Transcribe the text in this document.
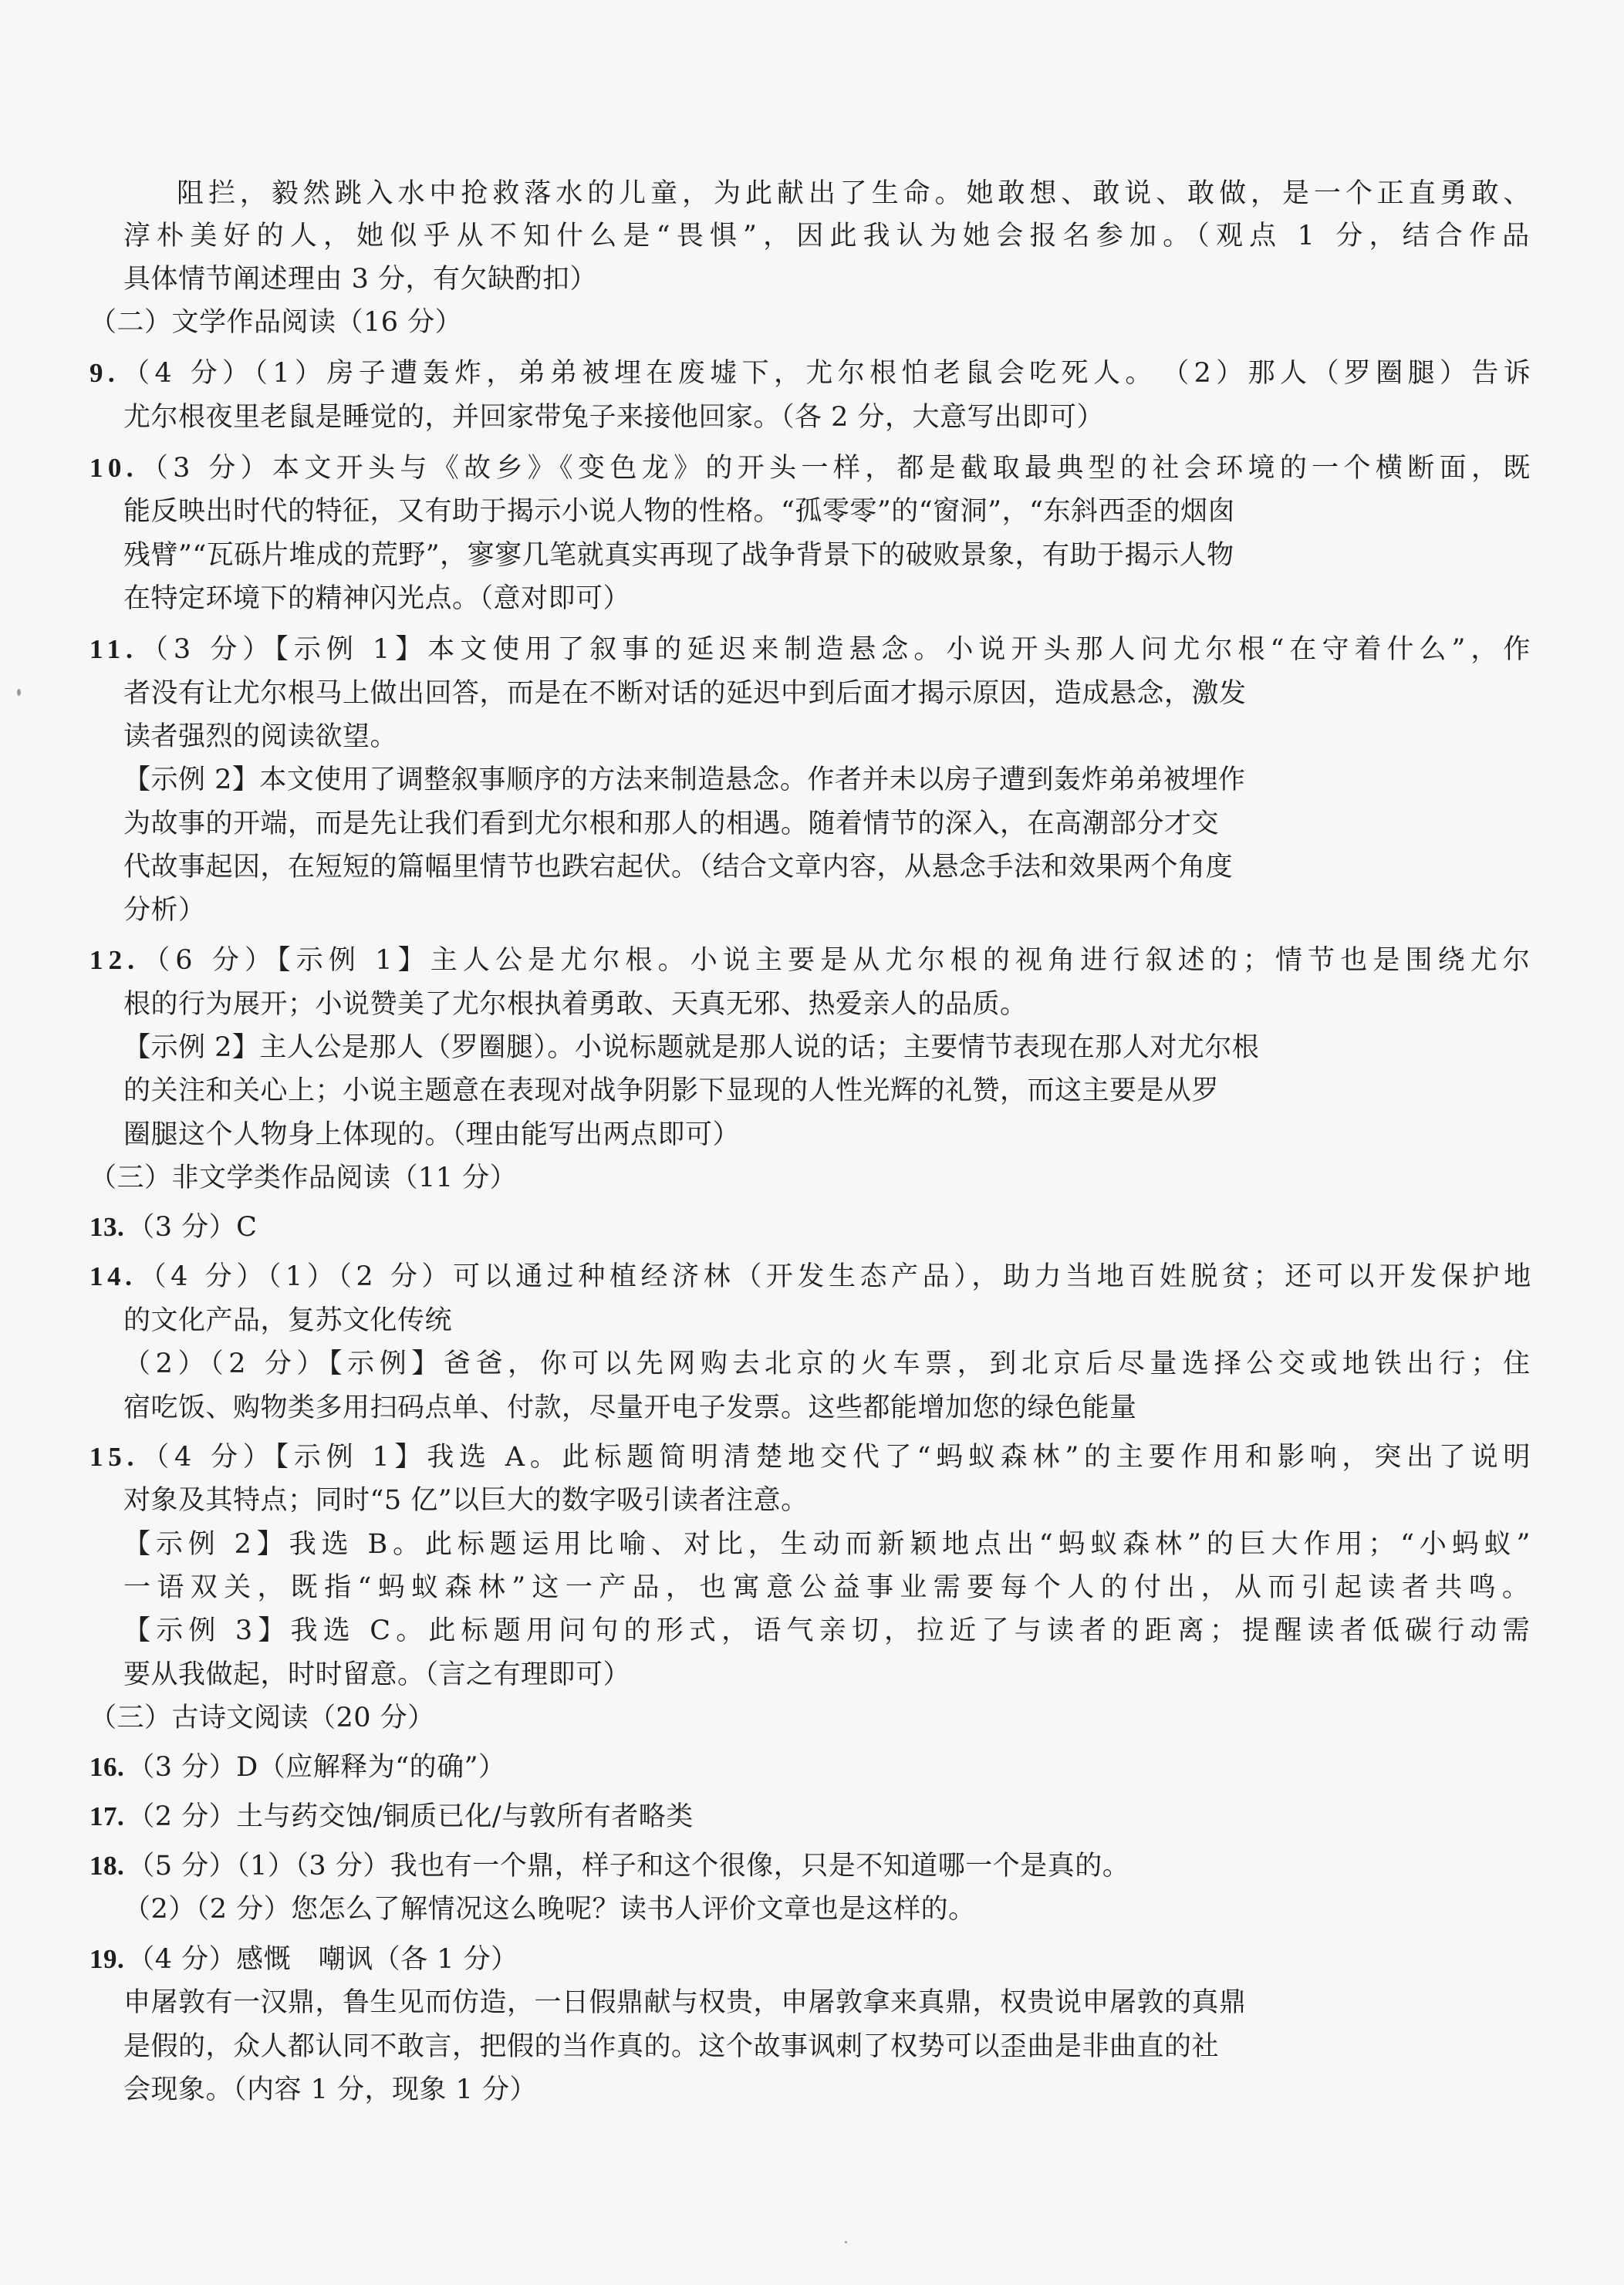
阻拦，毅然跳入水中抢救落水的儿童，为此献出了生命。她敢想、敢说、敢做，是一个正直勇敢、
淳朴美好的人，她似乎从不知什么是“畏惧”，因此我认为她会报名参加。（观点 1 分，结合作品
具体情节阐述理由 3 分，有欠缺酌扣）
（二）文学作品阅读（16 分）
9. （4 分）（1）房子遭轰炸，弟弟被埋在废墟下，尤尔根怕老鼠会吃死人。　（2）那人（罗圈腿）告诉
尤尔根夜里老鼠是睡觉的，并回家带兔子来接他回家。（各 2 分，大意写出即可）
10. （3 分）本文开头与《故乡》《变色龙》的开头一样，都是截取最典型的社会环境的一个横断面，既
能反映出时代的特征，又有助于揭示小说人物的性格。“孤零零”的“窗洞”，“东斜西歪的烟囱
残臂”“瓦砾片堆成的荒野”，寥寥几笔就真实再现了战争背景下的破败景象，有助于揭示人物
在特定环境下的精神闪光点。（意对即可）
11. （3 分）【示例 1】本文使用了叙事的延迟来制造悬念。小说开头那人问尤尔根“在守着什么”，作
者没有让尤尔根马上做出回答，而是在不断对话的延迟中到后面才揭示原因，造成悬念，激发
读者强烈的阅读欲望。
【示例 2】本文使用了调整叙事顺序的方法来制造悬念。作者并未以房子遭到轰炸弟弟被埋作
为故事的开端，而是先让我们看到尤尔根和那人的相遇。随着情节的深入，在高潮部分才交
代故事起因，在短短的篇幅里情节也跌宕起伏。（结合文章内容，从悬念手法和效果两个角度
分析）
12. （6 分）【示例 1】主人公是尤尔根。小说主要是从尤尔根的视角进行叙述的；情节也是围绕尤尔
根的行为展开；小说赞美了尤尔根执着勇敢、天真无邪、热爱亲人的品质。
【示例 2】主人公是那人（罗圈腿）。小说标题就是那人说的话；主要情节表现在那人对尤尔根
的关注和关心上；小说主题意在表现对战争阴影下显现的人性光辉的礼赞，而这主要是从罗
圈腿这个人物身上体现的。（理由能写出两点即可）
（三）非文学类作品阅读（11 分）
13. （3 分）C
14. （4 分）（1）（2 分）可以通过种植经济林（开发生态产品），助力当地百姓脱贫；还可以开发保护地
的文化产品，复苏文化传统
（2）（2 分）【示例】爸爸，你可以先网购去北京的火车票，到北京后尽量选择公交或地铁出行；住
宿吃饭、购物类多用扫码点单、付款，尽量开电子发票。这些都能增加您的绿色能量
15. （4 分）【示例 1】我选 A。此标题简明清楚地交代了“蚂蚁森林”的主要作用和影响，突出了说明
对象及其特点；同时“5 亿”以巨大的数字吸引读者注意。
【示例 2】我选 B。此标题运用比喻、对比，生动而新颖地点出“蚂蚁森林”的巨大作用；“小蚂蚁”
一语双关，既指“蚂蚁森林”这一产品，也寓意公益事业需要每个人的付出，从而引起读者共鸣。
【示例 3】我选 C。此标题用问句的形式，语气亲切，拉近了与读者的距离；提醒读者低碳行动需
要从我做起，时时留意。（言之有理即可）
（三）古诗文阅读（20 分）
16. （3 分）D（应解释为“的确”）
17. （2 分）土与药交蚀/铜质已化/与敦所有者略类
18. （5 分）（1）（3 分）我也有一个鼎，样子和这个很像，只是不知道哪一个是真的。
（2）（2 分）您怎么了解情况这么晚呢？读书人评价文章也是这样的。
19. （4 分）感慨　嘲讽（各 1 分）
申屠敦有一汉鼎，鲁生见而仿造，一日假鼎献与权贵，申屠敦拿来真鼎，权贵说申屠敦的真鼎
是假的，众人都认同不敢言，把假的当作真的。这个故事讽刺了权势可以歪曲是非曲直的社
会现象。（内容 1 分，现象 1 分）
